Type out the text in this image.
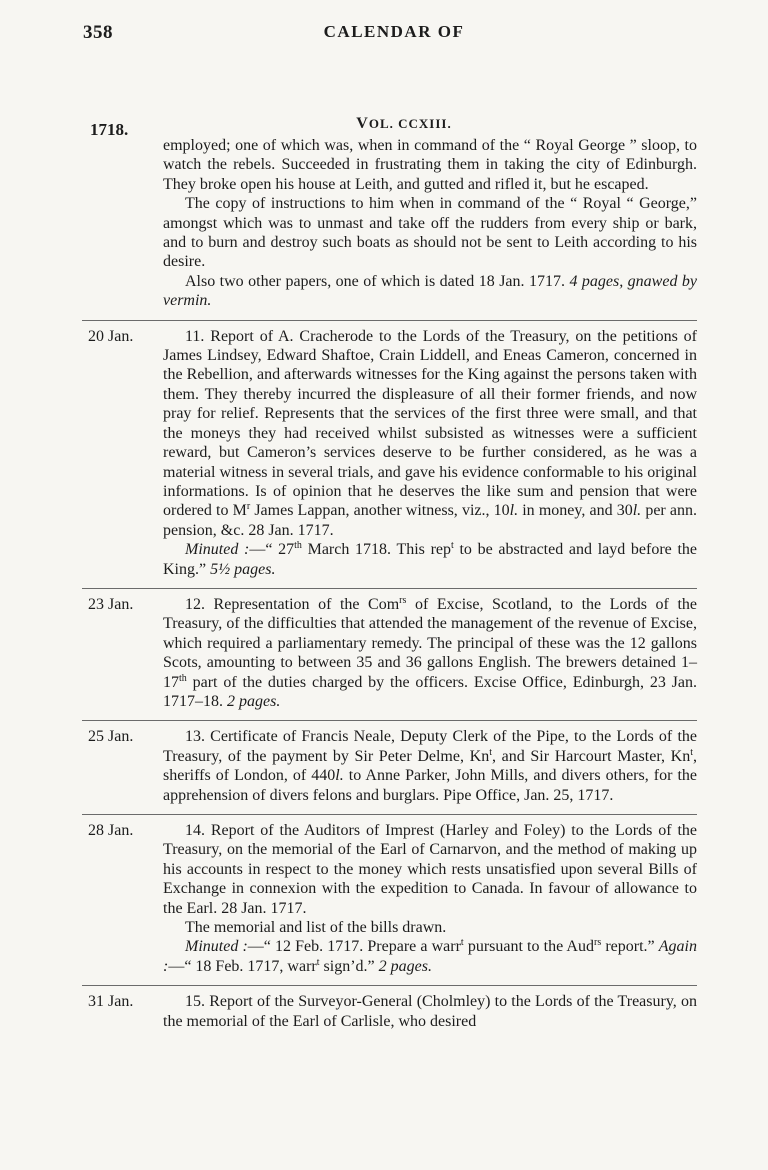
358	CALENDAR OF
1718.	VOL. CCXIII.

employed; one of which was, when in command of the “ Royal George ” sloop, to watch the rebels. Succeeded in frustrating them in taking the city of Edinburgh. They broke open his house at Leith, and gutted and rifled it, but he escaped.

The copy of instructions to him when in command of the “ Royal “ George,” amongst which was to unmast and take off the rudders from every ship or bark, and to burn and destroy such boats as should not be sent to Leith according to his desire.

Also two other papers, one of which is dated 18 Jan. 1717. 4 pages, gnawed by vermin.

20 Jan.	11. Report of A. Cracherode to the Lords of the Treasury, on the petitions of James Lindsey, Edward Shaftoe, Crain Liddell, and Eneas Cameron, concerned in the Rebellion, and afterwards witnesses for the King against the persons taken with them. They thereby incurred the displeasure of all their former friends, and now pray for relief. Represents that the services of the first three were small, and that the moneys they had received whilst subsisted as witnesses were a sufficient reward, but Cameron’s services deserve to be further considered, as he was a material witness in several trials, and gave his evidence conformable to his original informations. Is of opinion that he deserves the like sum and pension that were ordered to $M^r$ James Lappan, another witness, viz., 10l. in money, and 30l. per ann. pension, &c. 28 Jan. 1717.

Minuted :—“ 27th March 1718. This rep$^t$ to be abstracted and layd before the King.” 5½ pages.

23 Jan.	12. Representation of the Com$^{rs}$ of Excise, Scotland, to the Lords of the Treasury, of the difficulties that attended the management of the revenue of Excise, which required a parliamentary remedy. The principal of these was the 12 gallons Scots, amounting to between 35 and 36 gallons English. The brewers detained 1–17th part of the duties charged by the officers. Excise Office, Edinburgh, 23 Jan. 1717–18. 2 pages.

25 Jan.	13. Certificate of Francis Neale, Deputy Clerk of the Pipe, to the Lords of the Treasury, of the payment by Sir Peter Delme, Kn$^t$, and Sir Harcourt Master, Kn$^t$, sheriffs of London, of 440l. to Anne Parker, John Mills, and divers others, for the apprehension of divers felons and burglars. Pipe Office, Jan. 25, 1717.

28 Jan.	14. Report of the Auditors of Imprest (Harley and Foley) to the Lords of the Treasury, on the memorial of the Earl of Carnarvon, and the method of making up his accounts in respect to the money which rests unsatisfied upon several Bills of Exchange in connexion with the expedition to Canada. In favour of allowance to the Earl. 28 Jan. 1717.

The memorial and list of the bills drawn.

Minuted :—“ 12 Feb. 1717. Prepare a warr$^t$ pursuant to the Aud$^{rs}$ report.” Again :—“ 18 Feb. 1717, warr$^t$ sign’d.” 2 pages.

31 Jan.	15. Report of the Surveyor-General (Cholmley) to the Lords of the Treasury, on the memorial of the Earl of Carlisle, who desired
